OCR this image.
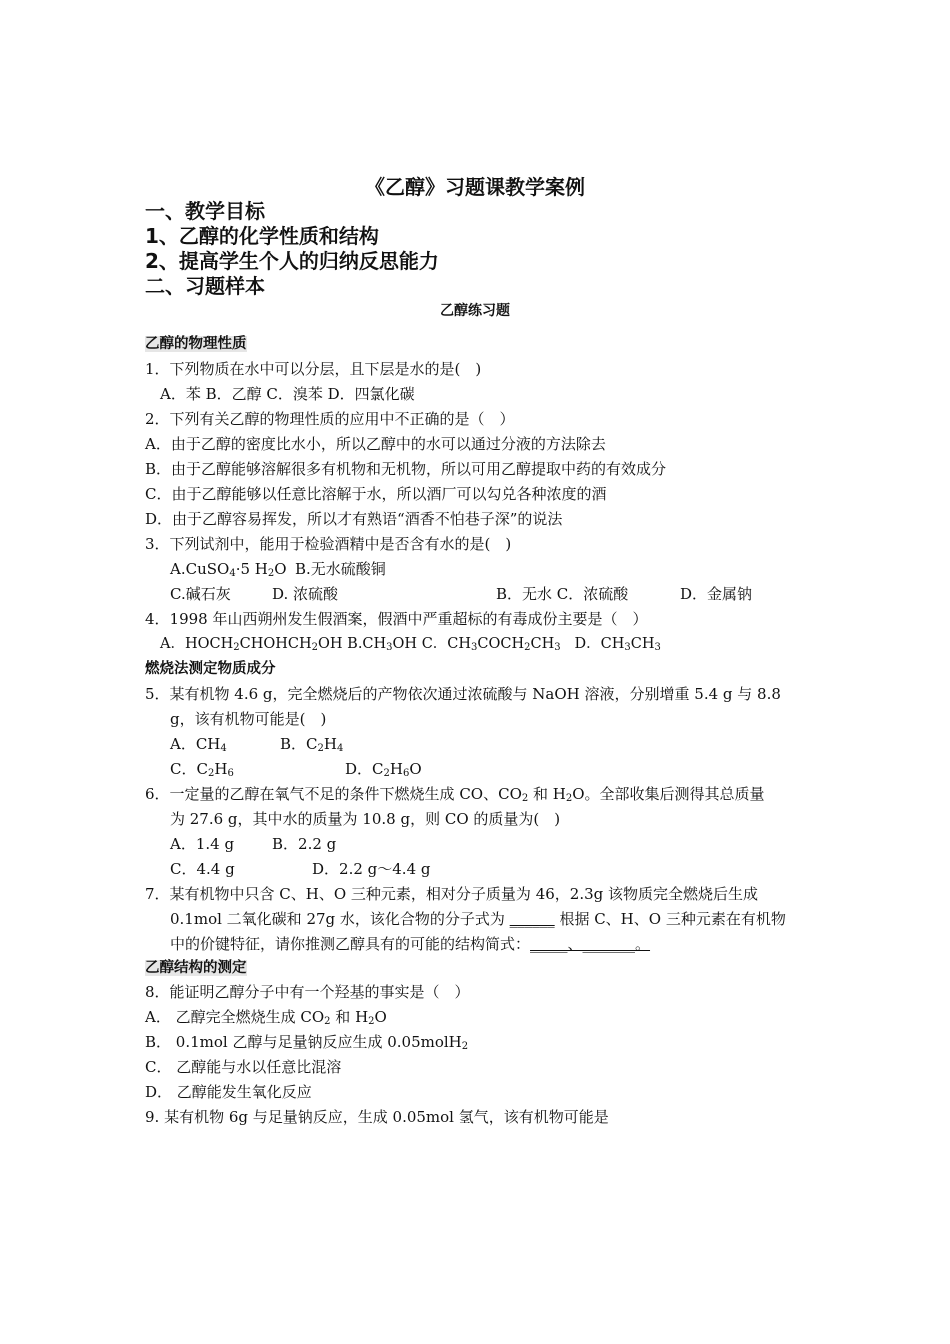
《乙醇》习题课教学案例
一、教学目标
1、乙醇的化学性质和结构
2、提高学生个人的归纳反思能力
二、习题样本
乙醇练习题
乙醇的物理性质
1．下列物质在水中可以分层，且下层是水的是(　)
A．苯 B．乙醇 C．溴苯 D．四氯化碳
2．下列有关乙醇的物理性质的应用中不正确的是（　）
A．由于乙醇的密度比水小，所以乙醇中的水可以通过分液的方法除去
B．由于乙醇能够溶解很多有机物和无机物，所以可用乙醇提取中药的有效成分
C．由于乙醇能够以任意比溶解于水，所以酒厂可以勾兑各种浓度的酒
D．由于乙醇容易挥发，所以才有熟语“酒香不怕巷子深”的说法
3．下列试剂中，能用于检验酒精中是否含有水的是(　)
A.CuSO$_4$·5 $H_2O$ B.无水硫酸铜
C.碱石灰	D. 浓硫酸	B．无水 C．浓硫酸	D．金属钠
4．1998 年山西朔州发生假酒案，假酒中严重超标的有毒成份主要是（　）
A．$HOCH_2CHOHCH_2OH$ $B.CH_3OH$ C．$CH_3COCH_2CH_3$   D．$CH_3CH_3$
燃烧法测定物质成分
5．某有机物 4.6 g，完全燃烧后的产物依次通过浓硫酸与 NaOH 溶液，分别增重 5.4 g 与 8.8
g，该有机物可能是(　)
A．$CH_4$	B．$C_2H_4$
C．$C_2H_6$	D．$C_2H_6O$
6．一定量的乙醇在氧气不足的条件下燃烧生成 CO、$CO_2$ 和 $H_2O$。全部收集后测得其总质量
为 27.6 g，其中水的质量为 10.8 g，则 CO 的质量为(　)
A．1.4 g	B．2.2 g
C．4.4 g	D．2.2 g～4.4 g
7．某有机物中只含 C、H、O 三种元素，相对分子质量为 46，2.3g 该物质完全燃烧后生成
0.1mol 二氧化碳和 27g 水，该化合物的分子式为 ______ 根据 C、H、O 三种元素在有机物
中的价键特征，请你推测乙醇具有的可能的结构简式：_____、_______。
乙醇结构的测定
8．能证明乙醇分子中有一个羟基的事实是（　）
A． 乙醇完全燃烧生成 $CO_2$ 和 $H_2O$
B． 0.1mol 乙醇与足量钠反应生成 0.05molH$_2$
C． 乙醇能与水以任意比混溶
D． 乙醇能发生氧化反应
9. 某有机物 6g 与足量钠反应，生成 0.05mol 氢气，该有机物可能是
